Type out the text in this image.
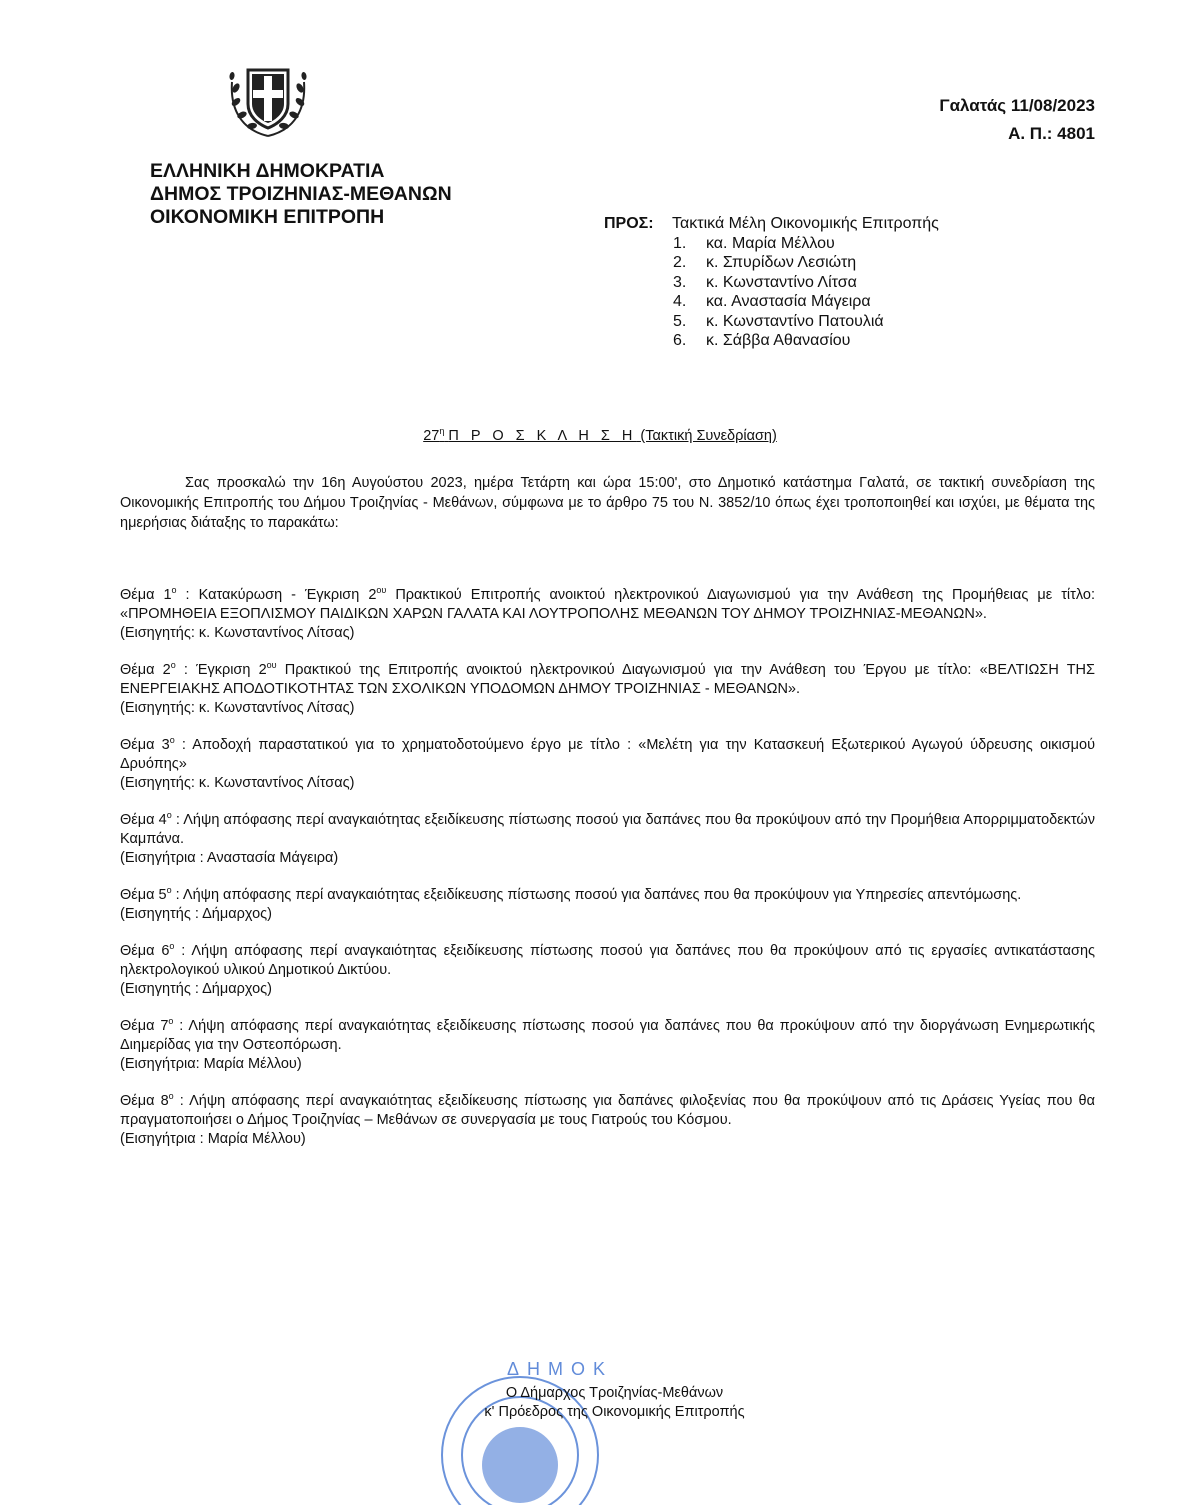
ΕΛΛΗΝΙΚΗ ΔΗΜΟΚΡΑΤΙΑ
ΔΗΜΟΣ ΤΡΟΙΖΗΝΙΑΣ-ΜΕΘΑΝΩΝ
ΟΙΚΟΝΟΜΙΚΗ ΕΠΙΤΡΟΠΗ
Γαλατάς 11/08/2023
Α. Π.: 4801
ΠΡΟΣ: Τακτικά Μέλη Οικονομικής Επιτροπής
1.	κα. Μαρία Μέλλου
2.	κ. Σπυρίδων Λεσιώτη
3.	κ. Κωνσταντίνο Λίτσα
4.	κα. Αναστασία Μάγειρα
5.	κ. Κωνσταντίνο Πατουλιά
6.	κ. Σάββα Αθανασίου
$27^\eta$ Π Ρ Ο Σ Κ Λ Η Σ Η (Τακτική Συνεδρίαση)
Σας προσκαλώ την 16η Αυγούστου 2023, ημέρα Τετάρτη και ώρα 15:00', στο Δημοτικό κατάστημα Γαλατά, σε τακτική συνεδρίαση της Οικονομικής Επιτροπής του Δήμου Τροιζηνίας - Μεθάνων, σύμφωνα με το άρθρο 75 του Ν. 3852/10 όπως έχει τροποποιηθεί και ισχύει, με θέματα της ημερήσιας διάταξης το παρακάτω:
Θέμα $1^o$ : Κατακύρωση - Έγκριση $2^{o\upsilon}$ Πρακτικού Επιτροπής ανοικτού ηλεκτρονικού Διαγωνισμού για την Ανάθεση της Προμήθειας με τίτλο: «ΠΡΟΜΗΘΕΙΑ ΕΞΟΠΛΙΣΜΟΥ ΠΑΙΔΙΚΩΝ ΧΑΡΩΝ ΓΑΛΑΤΑ ΚΑΙ ΛΟΥΤΡΟΠΟΛΗΣ ΜΕΘΑΝΩΝ ΤΟΥ ΔΗΜΟΥ ΤΡΟΙΖΗΝΙΑΣ-ΜΕΘΑΝΩΝ».
(Εισηγητής: κ. Κωνσταντίνος Λίτσας)
Θέμα $2^o$ : Έγκριση $2^{o\upsilon}$ Πρακτικού της Επιτροπής ανοικτού ηλεκτρονικού Διαγωνισμού για την Ανάθεση του Έργου με τίτλο: «ΒΕΛΤΙΩΣΗ ΤΗΣ ΕΝΕΡΓΕΙΑΚΗΣ ΑΠΟΔΟΤΙΚΟΤΗΤΑΣ ΤΩΝ ΣΧΟΛΙΚΩΝ ΥΠΟΔΟΜΩΝ ΔΗΜΟΥ ΤΡΟΙΖΗΝΙΑΣ - ΜΕΘΑΝΩΝ».
(Εισηγητής: κ. Κωνσταντίνος Λίτσας)
Θέμα $3^o$ : Αποδοχή παραστατικού για το χρηματοδοτούμενο έργο με τίτλο : «Μελέτη για την Κατασκευή Εξωτερικού Αγωγού ύδρευσης οικισμού Δρυόπης»
(Εισηγητής: κ. Κωνσταντίνος Λίτσας)
Θέμα $4^o$ : Λήψη απόφασης περί αναγκαιότητας εξειδίκευσης πίστωσης ποσού για δαπάνες που θα προκύψουν από την Προμήθεια Απορριμματοδεκτών Καμπάνα.
(Εισηγήτρια : Αναστασία Μάγειρα)
Θέμα $5^o$ : Λήψη απόφασης περί αναγκαιότητας εξειδίκευσης πίστωσης ποσού για δαπάνες που θα προκύψουν για Υπηρεσίες απεντόμωσης.
(Εισηγητής : Δήμαρχος)
Θέμα $6^o$ : Λήψη απόφασης περί αναγκαιότητας εξειδίκευσης πίστωσης ποσού για δαπάνες που θα προκύψουν από τις εργασίες αντικατάστασης ηλεκτρολογικού υλικού Δημοτικού Δικτύου.
(Εισηγητής : Δήμαρχος)
Θέμα $7^o$ : Λήψη απόφασης περί αναγκαιότητας εξειδίκευσης πίστωσης ποσού για δαπάνες που θα προκύψουν από την διοργάνωση Ενημερωτικής Διημερίδας για την Οστεοπόρωση.
(Εισηγήτρια: Μαρία Μέλλου)
Θέμα $8^o$ : Λήψη απόφασης περί αναγκαιότητας εξειδίκευσης πίστωσης για δαπάνες φιλοξενίας που θα προκύψουν από τις Δράσεις Υγείας που θα πραγματοποιήσει ο Δήμος Τροιζηνίας – Μεθάνων σε συνεργασία με τους Γιατρούς του Κόσμου.
(Εισηγήτρια : Μαρία Μέλλου)
ΔΗΜΟΚ
Ο Δήμαρχος Τροιζηνίας-Μεθάνων
κ' Πρόεδρος της Οικονομικής Επιτροπής
